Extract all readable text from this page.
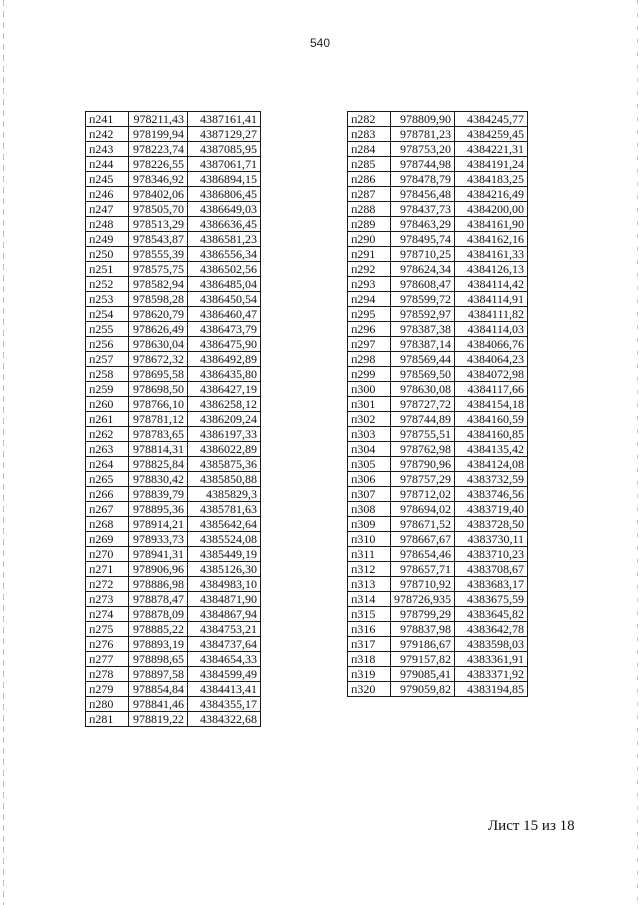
540
п241	978211,43	4387161,41
п242	978199,94	4387129,27
п243	978223,74	4387085,95
п244	978226,55	4387061,71
п245	978346,92	4386894,15
п246	978402,06	4386806,45
п247	978505,70	4386649,03
п248	978513,29	4386636,45
п249	978543,87	4386581,23
п250	978555,39	4386556,34
п251	978575,75	4386502,56
п252	978582,94	4386485,04
п253	978598,28	4386450,54
п254	978620,79	4386460,47
п255	978626,49	4386473,79
п256	978630,04	4386475,90
п257	978672,32	4386492,89
п258	978695,58	4386435,80
п259	978698,50	4386427,19
п260	978766,10	4386258,12
п261	978781,12	4386209,24
п262	978783,65	4386197,33
п263	978814,31	4386022,89
п264	978825,84	4385875,36
п265	978830,42	4385850,88
п266	978839,79	4385829,3
п267	978895,36	4385781,63
п268	978914,21	4385642,64
п269	978933,73	4385524,08
п270	978941,31	4385449,19
п271	978906,96	4385126,30
п272	978886,98	4384983,10
п273	978878,47	4384871,90
п274	978878,09	4384867,94
п275	978885,22	4384753,21
п276	978893,19	4384737,64
п277	978898,65	4384654,33
п278	978897,58	4384599,49
п279	978854,84	4384413,41
п280	978841,46	4384355,17
п281	978819,22	4384322,68
п282	978809,90	4384245,77
п283	978781,23	4384259,45
п284	978753,20	4384221,31
п285	978744,98	4384191,24
п286	978478,79	4384183,25
п287	978456,48	4384216,49
п288	978437,73	4384200,00
п289	978463,29	4384161,90
п290	978495,74	4384162,16
п291	978710,25	4384161,33
п292	978624,34	4384126,13
п293	978608,47	4384114,42
п294	978599,72	4384114,91
п295	978592,97	4384111,82
п296	978387,38	4384114,03
п297	978387,14	4384066,76
п298	978569,44	4384064,23
п299	978569,50	4384072,98
п300	978630,08	4384117,66
п301	978727,72	4384154,18
п302	978744,89	4384160,59
п303	978755,51	4384160,85
п304	978762,98	4384135,42
п305	978790,96	4384124,08
п306	978757,29	4383732,59
п307	978712,02	4383746,56
п308	978694,02	4383719,40
п309	978671,52	4383728,50
п310	978667,67	4383730,11
п311	978654,46	4383710,23
п312	978657,71	4383708,67
п313	978710,92	4383683,17
п314	978726,935	4383675,59
п315	978799,29	4383645,82
п316	978837,98	4383642,78
п317	979186,67	4383598,03
п318	979157,82	4383361,91
п319	979085,41	4383371,92
п320	979059,82	4383194,85
Лист 15 из 18
